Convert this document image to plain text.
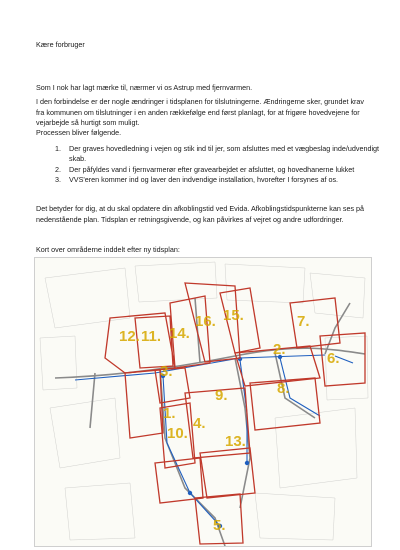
Kære forbruger
Som I nok har lagt mærke til, nærmer vi os Astrup med fjernvarmen.
I den forbindelse er der nogle ændringer i tidsplanen for tilslutningerne. Ændringerne sker, grundet krav fra kommunen om tilslutninger i en anden rækkefølge end først planlagt, for at frigøre hovedvejene for vejarbejde så hurtigt som muligt.
Processen bliver følgende.
1. Der graves hovedledning i vejen og stik ind til jer, som afsluttes med et vægbeslag inde/udvendigt skab.
2. Der påfyldes vand i fjernvarmerør efter gravearbejdet er afsluttet, og hovedhanerne lukket
3. VVS'eren kommer ind og laver den indvendige installation, hvorefter I forsynes af os.
Det betyder for dig, at du skal opdatere din afkoblingstid ved Evida. Afkoblingstidspunkterne kan ses på nedenstående plan. Tidsplan er retningsgivende, og kan påvirkes af vejret og andre udfordringer.
Kort over områderne inddelt efter ny tidsplan:
1.
2.
3.
4.
5.
6.
7.
8.
9.
10.
11.
12.
13.
14.
15.
16.
